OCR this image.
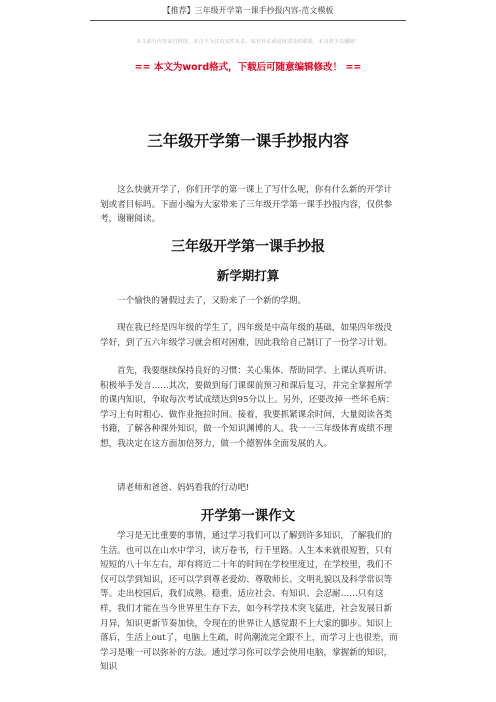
【推荐】三年级开学第一课手抄报内容-范文模板
本文部分内容来自网络，本司不为其真实性负责，如有异议或侵权请及时联系，本司将予以删除！
== 本文为word格式，下载后可随意编辑修改！ ==
三年级开学第一课手抄报内容

这么快就开学了，你们开学的第一课上了写什么呢，你有什么新的开学计划或者目标吗。下面小编为大家带来了三年级开学第一课手抄报内容，仅供参考，谢谢阅读。

三年级开学第一课手抄报
新学期打算

一个愉快的暑假过去了，又盼来了一个新的学期。

现在我已经是四年级的学生了，四年级是中高年级的基础，如果四年级没学好，到了五六年级学习就会相对困难，因此我给自己制订了一份学习计划。

首先，我要继续保持良好的习惯：关心集体、帮助同学、上课认真听讲、积极举手发言……其次，要做到每门课课前预习和课后复习，并完全掌握所学的课内知识，争取每次考试成绩达到95分以上。另外，还要改掉一些坏毛病：学习上有时粗心、做作业拖拉时间。接着，我要抓紧课余时间，大量阅读各类书籍，了解各种课外知识，做一个知识渊博的人。我一一三年级体育成绩不理想，我决定在这方面加倍努力，做一个德智体全面发展的人。

请老师和爸爸、妈妈看我的行动吧!

开学第一课作文

学习是无比重要的事情，通过学习我们可以了解到许多知识，了解我们的生活。也可以在山水中学习，读万卷书，行千里路。人生本来就很短暂，只有短短的八十年左右，却有将近二十年的时间在学校里度过，在学校里，我们不仅可以学到知识，还可以学到尊老爱幼、尊敬师长、文明礼貌以及科学常识等等。走出校园后，我们成熟、稳重、适应社会、有知识、会忍耐……只有这样，我们才能在当今世界里生存下去，如今科学技术突飞猛进，社会发展日新月异，知识更新节奏加快，令现在的世界让人感觉跟不上大家的脚步。知识上落后，生活上out了，电脑上生疏，时尚潮流完全跟不上，而学习上也很差，而学习是唯一可以弥补的方法。通过学习你可以学会使用电脑，掌握新的知识，知识
